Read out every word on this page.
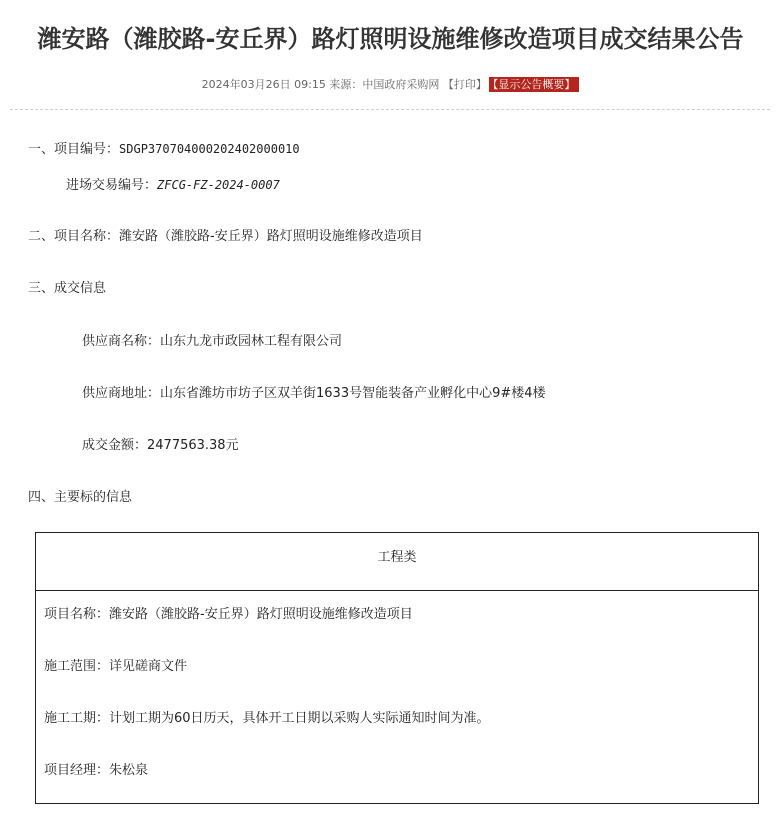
潍安路（潍胶路-安丘界）路灯照明设施维修改造项目成交结果公告
2024年03月26日 09:15 来源：中国政府采购网 【打印】 【显示公告概要】
一、项目编号：SDGP370704000202402000010
进场交易编号：ZFCG-FZ-2024-0007
二、项目名称：潍安路（潍胶路-安丘界）路灯照明设施维修改造项目
三、成交信息
供应商名称：山东九龙市政园林工程有限公司
供应商地址：山东省潍坊市坊子区双羊街1633号智能装备产业孵化中心9#楼4楼
成交金额：2477563.38元
四、主要标的信息
工程类
项目名称：潍安路（潍胶路-安丘界）路灯照明设施维修改造项目
施工范围：详见磋商文件
施工工期：计划工期为60日历天，具体开工日期以采购人实际通知时间为准。
项目经理：朱松泉
